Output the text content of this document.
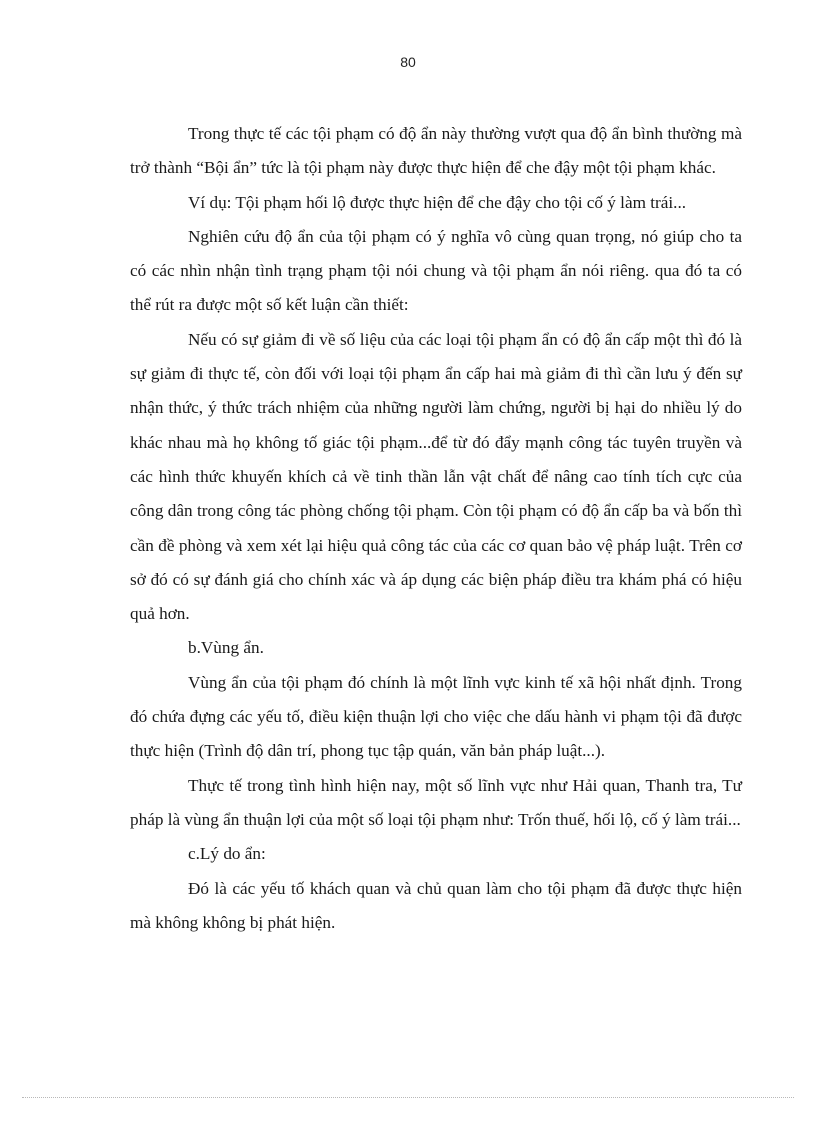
80

Trong thực tế các tội phạm có độ ẩn này thường vượt qua độ ẩn bình thường mà trở thành “Bội ẩn” tức là tội phạm này được thực hiện để che đậy một tội phạm khác.

Ví dụ: Tội phạm hối lộ được thực hiện để che đậy cho tội cố ý làm trái...

Nghiên cứu độ ẩn của tội phạm có ý nghĩa vô cùng quan trọng, nó giúp cho ta có các nhìn nhận tình trạng phạm tội nói chung và tội phạm ẩn nói riêng. qua đó ta có thể rút ra được một số kết luận cần thiết:

Nếu có sự giảm đi về số liệu của các loại tội phạm ẩn có độ ẩn cấp một thì đó là sự giảm đi thực tế, còn đối với loại tội phạm ẩn cấp hai mà giảm đi thì cần lưu ý đến sự nhận thức, ý thức trách nhiệm của những người làm chứng, người bị hại do nhiều lý do khác nhau mà họ không tố giác tội phạm...để từ đó đẩy mạnh công tác tuyên truyền và các hình thức khuyến khích cả về tinh thần lẫn vật chất để nâng cao tính tích cực của công dân trong công tác phòng chống tội phạm. Còn tội phạm có độ ẩn cấp ba và bốn thì cần đề phòng và xem xét lại hiệu quả công tác của các cơ quan bảo vệ pháp luật. Trên cơ sở đó có sự đánh giá cho chính xác và áp dụng các biện pháp điều tra khám phá có hiệu quả hơn.

b.Vùng ẩn.

Vùng ẩn của tội phạm đó chính là một lĩnh vực kinh tế xã hội nhất định. Trong đó chứa đựng các yếu tố, điều kiện thuận lợi cho việc che dấu hành vi phạm tội đã được thực hiện (Trình độ dân trí, phong tục tập quán, văn bản pháp luật...).

Thực tế trong tình hình hiện nay, một số lĩnh vực như Hải quan, Thanh tra, Tư pháp là vùng ẩn thuận lợi của một số loại tội phạm như: Trốn thuế, hối lộ, cố ý làm trái...

c.Lý do ẩn:

Đó là các yếu tố khách quan và chủ quan làm cho tội phạm đã được thực hiện mà không không bị phát hiện.
